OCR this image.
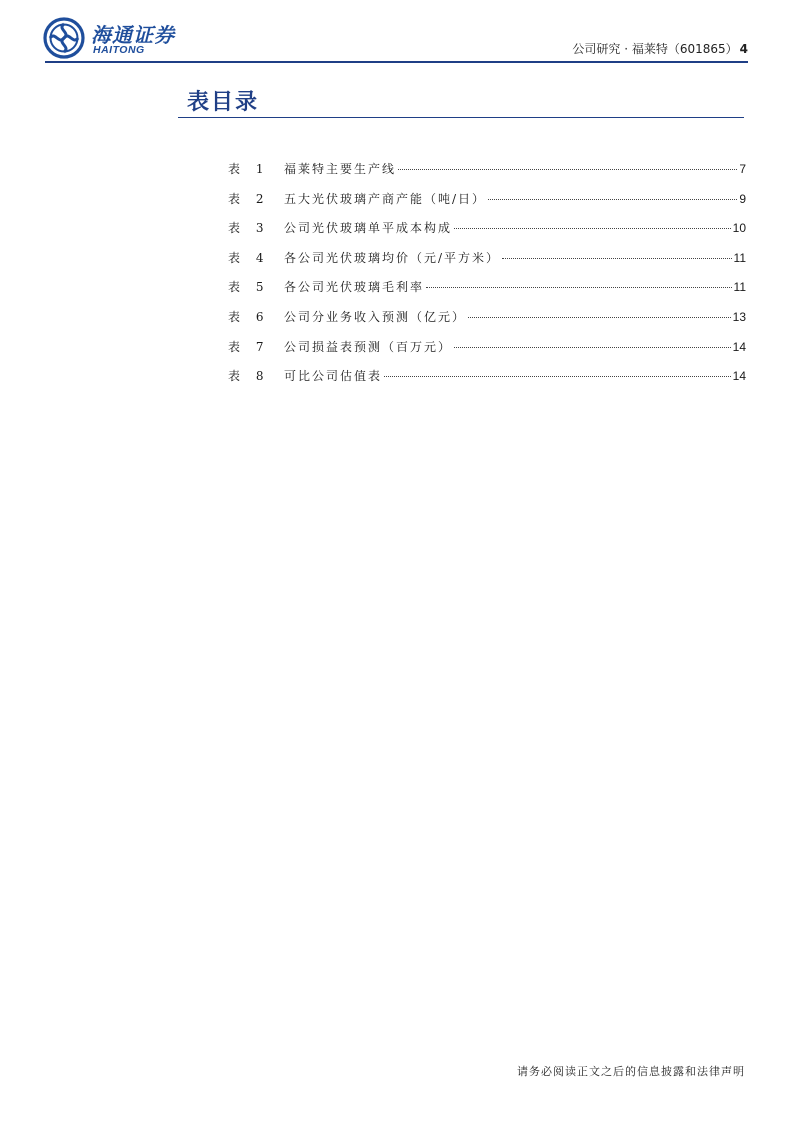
海通证券
HAITONG	公司研究 · 福莱特（601865） 4
表目录
表 1	福莱特主要生产线	7
表 2	五大光伏玻璃产商产能（吨/日）	9
表 3	公司光伏玻璃单平成本构成	10
表 4	各公司光伏玻璃均价（元/平方米）	11
表 5	各公司光伏玻璃毛利率	11
表 6	公司分业务收入预测（亿元）	13
表 7	公司损益表预测（百万元）	14
表 8	可比公司估值表	14
请务必阅读正文之后的信息披露和法律声明
